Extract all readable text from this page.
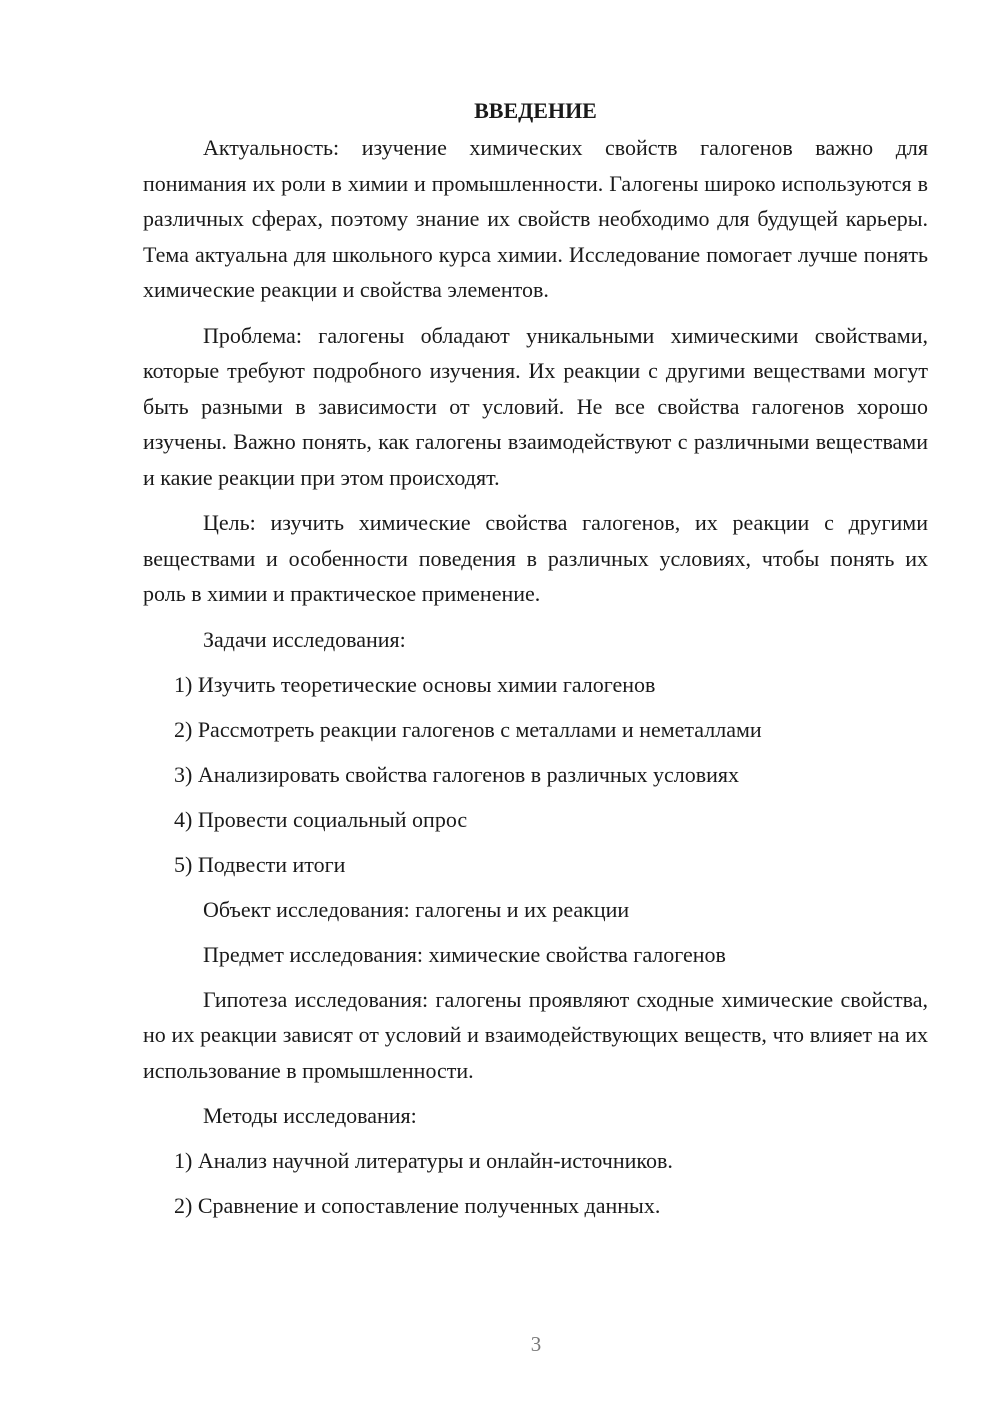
ВВЕДЕНИЕ

Актуальность: изучение химических свойств галогенов важно для понимания их роли в химии и промышленности. Галогены широко используются в различных сферах, поэтому знание их свойств необходимо для будущей карьеры. Тема актуальна для школьного курса химии. Исследование помогает лучше понять химические реакции и свойства элементов.

Проблема: галогены обладают уникальными химическими свойствами, которые требуют подробного изучения. Их реакции с другими веществами могут быть разными в зависимости от условий. Не все свойства галогенов хорошо изучены. Важно понять, как галогены взаимодействуют с различными веществами и какие реакции при этом происходят.

Цель: изучить химические свойства галогенов, их реакции с другими веществами и особенности поведения в различных условиях, чтобы понять их роль в химии и практическое применение.

Задачи исследования:
1) Изучить теоретические основы химии галогенов
2) Рассмотреть реакции галогенов с металлами и неметаллами
3) Анализировать свойства галогенов в различных условиях
4) Провести социальный опрос
5) Подвести итоги
Объект исследования: галогены и их реакции
Предмет исследования: химические свойства галогенов

Гипотеза исследования: галогены проявляют сходные химические свойства, но их реакции зависят от условий и взаимодействующих веществ, что влияет на их использование в промышленности.

Методы исследования:
1) Анализ научной литературы и онлайн-источников.
2) Сравнение и сопоставление полученных данных.
3
